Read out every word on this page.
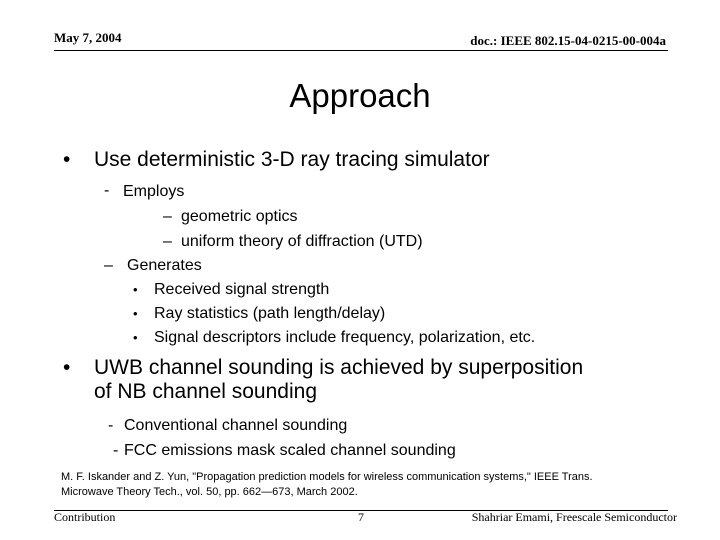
May 7, 2004	doc.: IEEE 802.15-04-0215-00-004a
Approach
• Use deterministic 3-D ray tracing simulator
- Employs
– geometric optics
– uniform theory of diffraction (UTD)
– Generates
• Received signal strength
• Ray statistics (path length/delay)
• Signal descriptors include frequency, polarization, etc.
• UWB channel sounding is achieved by superposition
of NB channel sounding
- Conventional channel sounding
- FCC emissions mask scaled channel sounding
M. F. Iskander and Z. Yun, "Propagation prediction models for wireless communication systems," IEEE Trans.
Microwave Theory Tech., vol. 50, pp. 662—673, March 2002.
Contribution	7	Shahriar Emami, Freescale Semiconductor
